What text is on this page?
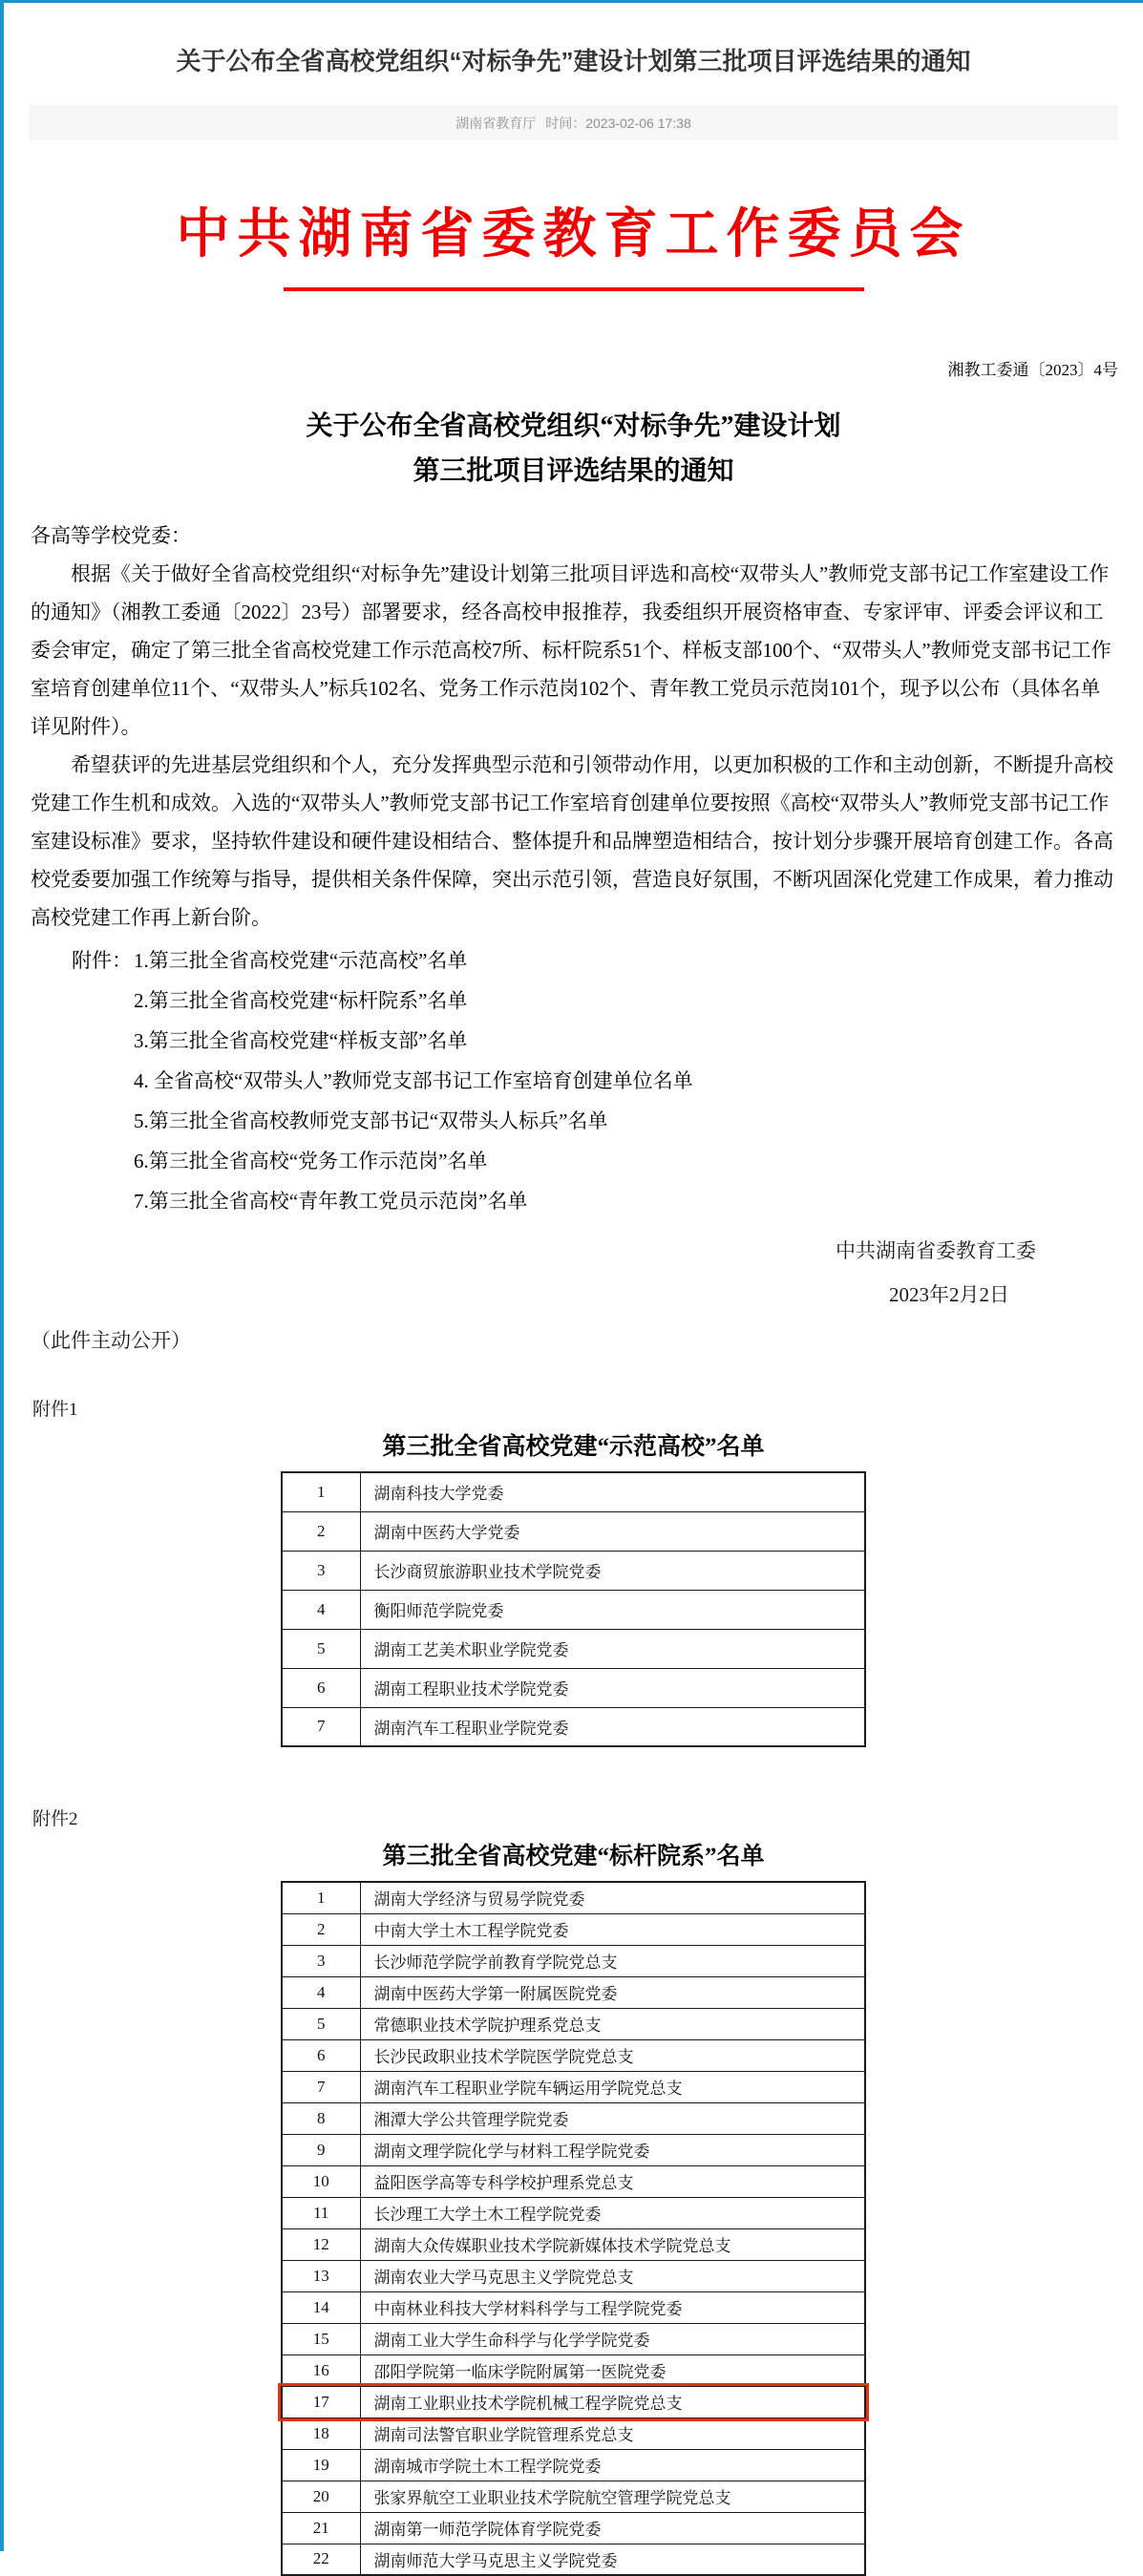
关于公布全省高校党组织“对标争先”建设计划第三批项目评选结果的通知
湖南省教育厅 时间：2023-02-06 17:38
中共湖南省委教育工作委员会
湘教工委通〔2023〕4号
关于公布全省高校党组织“对标争先”建设计划
第三批项目评选结果的通知

各高等学校党委：

根据《关于做好全省高校党组织“对标争先”建设计划第三批项目评选和高校“双带头人”教师党支部书记工作室建设工作的通知》（湘教工委通〔2022〕23号）部署要求，经各高校申报推荐，我委组织开展资格审查、专家评审、评委会评议和工委会审定，确定了第三批全省高校党建工作示范高校7所、标杆院系51个、样板支部100个、“双带头人”教师党支部书记工作室培育创建单位11个、“双带头人”标兵102名、党务工作示范岗102个、青年教工党员示范岗101个，现予以公布（具体名单详见附件）。

希望获评的先进基层党组织和个人，充分发挥典型示范和引领带动作用，以更加积极的工作和主动创新，不断提升高校党建工作生机和成效。入选的“双带头人”教师党支部书记工作室培育创建单位要按照《高校“双带头人”教师党支部书记工作室建设标准》要求，坚持软件建设和硬件建设相结合、整体提升和品牌塑造相结合，按计划分步骤开展培育创建工作。各高校党委要加强工作统筹与指导，提供相关条件保障，突出示范引领，营造良好氛围，不断巩固深化党建工作成果，着力推动高校党建工作再上新台阶。

附件： 1.第三批全省高校党建“示范高校”名单
2.第三批全省高校党建“标杆院系”名单
3.第三批全省高校党建“样板支部”名单
4. 全省高校“双带头人”教师党支部书记工作室培育创建单位名单
5.第三批全省高校教师党支部书记“双带头人标兵”名单
6.第三批全省高校“党务工作示范岗”名单
7.第三批全省高校“青年教工党员示范岗”名单
中共湖南省委教育工委
2023年2月2日
（此件主动公开）
附件1
第三批全省高校党建“示范高校”名单
1	湖南科技大学党委
2	湖南中医药大学党委
3	长沙商贸旅游职业技术学院党委
4	衡阳师范学院党委
5	湖南工艺美术职业学院党委
6	湖南工程职业技术学院党委
7	湖南汽车工程职业学院党委
附件2
第三批全省高校党建“标杆院系”名单
1	湖南大学经济与贸易学院党委
2	中南大学土木工程学院党委
3	长沙师范学院学前教育学院党总支
4	湖南中医药大学第一附属医院党委
5	常德职业技术学院护理系党总支
6	长沙民政职业技术学院医学院党总支
7	湖南汽车工程职业学院车辆运用学院党总支
8	湘潭大学公共管理学院党委
9	湖南文理学院化学与材料工程学院党委
10	益阳医学高等专科学校护理系党总支
11	长沙理工大学土木工程学院党委
12	湖南大众传媒职业技术学院新媒体技术学院党总支
13	湖南农业大学马克思主义学院党总支
14	中南林业科技大学材料科学与工程学院党委
15	湖南工业大学生命科学与化学学院党委
16	邵阳学院第一临床学院附属第一医院党委
17	湖南工业职业技术学院机械工程学院党总支
18	湖南司法警官职业学院管理系党总支
19	湖南城市学院土木工程学院党委
20	张家界航空工业职业技术学院航空管理学院党总支
21	湖南第一师范学院体育学院党委
22	湖南师范大学马克思主义学院党委
